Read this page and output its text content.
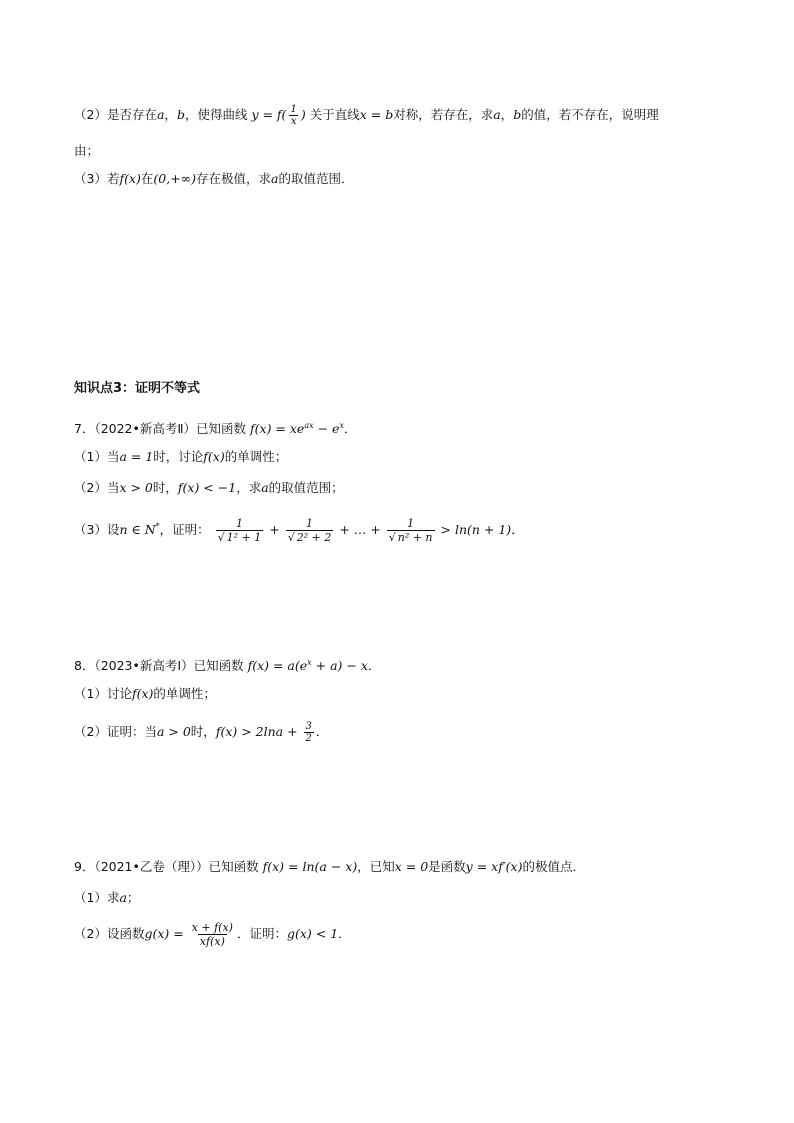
（2）是否存在a，b，使得曲线 $y = f( \frac{1}{x}$ ) 关于直线x = b对称，若存在，求a，b的值，若不存在，说明理
由；
（3）若f(x)在(0,+∞)存在极值，求a的取值范围．
知识点3：证明不等式
7．（2022•新高考Ⅱ）已知函数 $f(x) = xe^{ax} - e^x$．
（1）当a = 1时，讨论f(x)的单调性；
（2）当x > 0时，f(x) < −1，求a的取值范围；
（3）设n ∈ N*，证明： $\frac{1}{\text{√ 1² + 1}} + \frac{1}{\text{√ 2² + 2}}$ + … + $\frac{1}{\text{√ n² + n}} > \ln(n + 1)$．
8．（2023•新高考Ⅰ）已知函数 $f(x) = a(e^x + a) - x$．
（1）讨论f(x)的单调性；
（2）证明：当a > 0时，$f(x) > 2\ln a + \frac{3}{2}$ ．
9．（2021•乙卷（理））已知函数 f(x) = ln(a − x)，已知x = 0是函数y = xf′(x)的极值点．
（1）求a；
（2）设函数$g(x) = \frac{x + f(x)}{xf(x)}$ ．证明：g(x) < 1．
